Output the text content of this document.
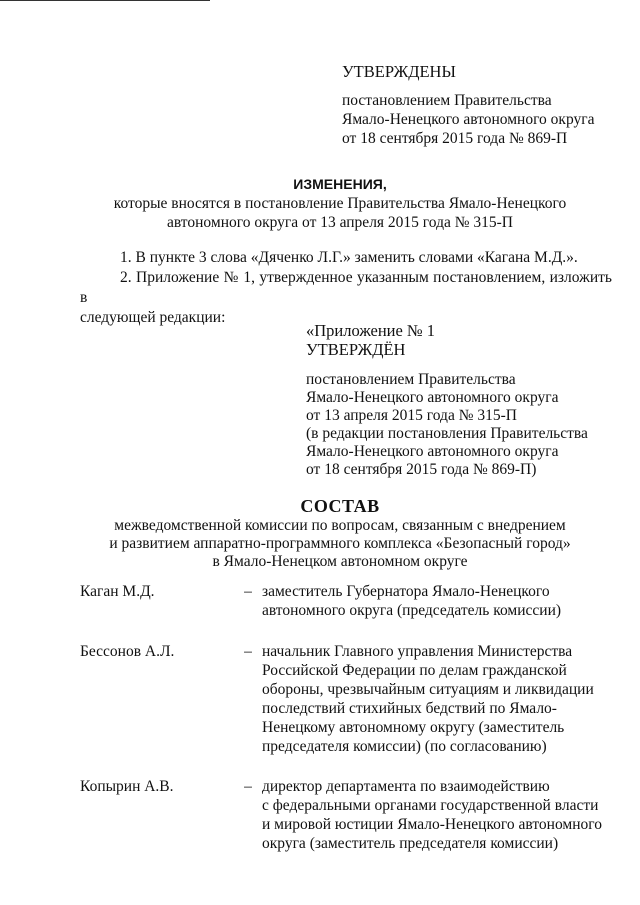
УТВЕРЖДЕНЫ
постановлением Правительства
Ямало-Ненецкого автономного округа
от 18 сентября 2015 года № 869-П
ИЗМЕНЕНИЯ,
которые вносятся в постановление Правительства Ямало-Ненецкого
автономного округа от 13 апреля 2015 года № 315-П

1. В пункте 3 слова «Дяченко Л.Г.» заменить словами «Кагана М.Д.».

2. Приложение № 1, утвержденное указанным постановлением, изложить в

следующей редакции:

«Приложение № 1
УТВЕРЖДЁН
постановлением Правительства
Ямало-Ненецкого автономного округа
от 13 апреля 2015 года № 315-П
(в редакции постановления Правительства
Ямало-Ненецкого автономного округа
от 18 сентября 2015 года № 869-П)
СОСТАВ
межведомственной комиссии по вопросам, связанным с внедрением
и развитием аппаратно-программного комплекса «Безопасный город»
в Ямало-Ненецком автономном округе
Каган М.Д.	– заместитель Губернатора Ямало-Ненецкого
автономного округа (председатель комиссии)
Бессонов А.Л.	– начальник Главного управления Министерства
Российской Федерации по делам гражданской
обороны, чрезвычайным ситуациям и ликвидации
последствий стихийных бедствий по Ямало-
Ненецкому автономному округу (заместитель
председателя комиссии) (по согласованию)
Копырин А.В.	– директор департамента по взаимодействию
с федеральными органами государственной власти
и мировой юстиции Ямало-Ненецкого автономного
округа (заместитель председателя комиссии)
